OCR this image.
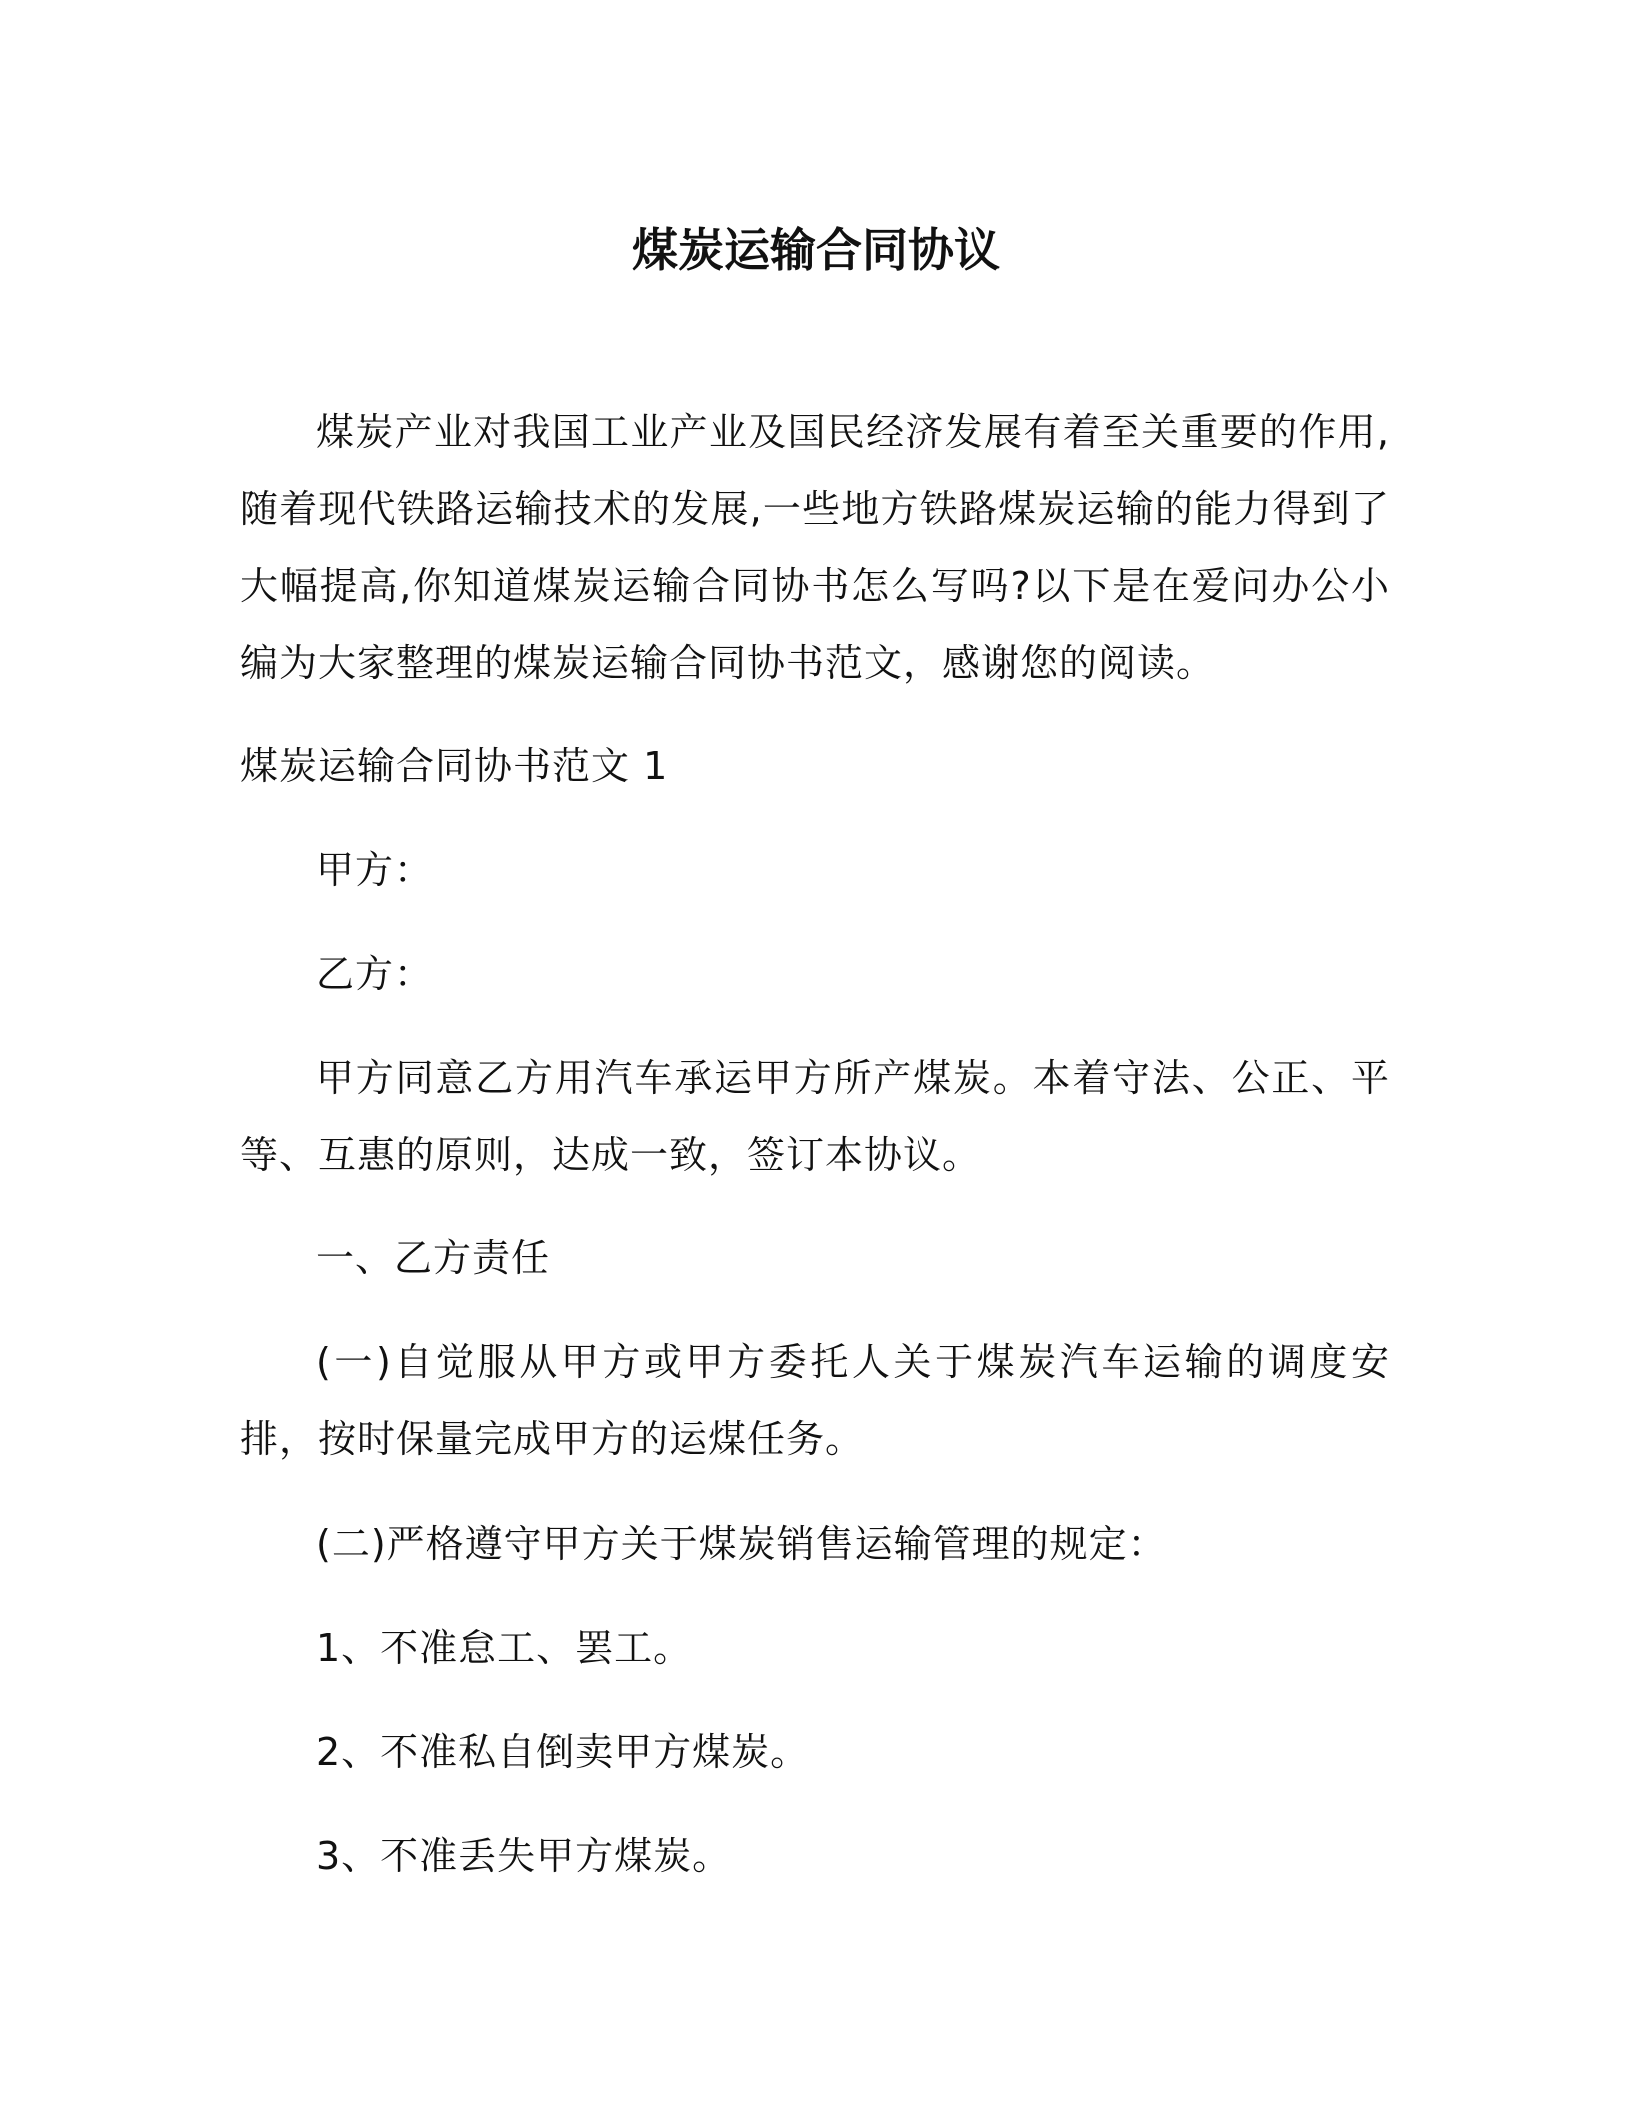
煤炭运输合同协议

煤炭产业对我国工业产业及国民经济发展有着至关重要的作用,随着现代铁路运输技术的发展,一些地方铁路煤炭运输的能力得到了大幅提高,你知道煤炭运输合同协书怎么写吗?以下是在爱问办公小编为大家整理的煤炭运输合同协书范文，感谢您的阅读。

煤炭运输合同协书范文 1
甲方：
乙方：

甲方同意乙方用汽车承运甲方所产煤炭。本着守法、公正、平等、互惠的原则，达成一致，签订本协议。

一、乙方责任

(一)自觉服从甲方或甲方委托人关于煤炭汽车运输的调度安排，按时保量完成甲方的运煤任务。

(二)严格遵守甲方关于煤炭销售运输管理的规定：
1、不准怠工、罢工。
2、不准私自倒卖甲方煤炭。
3、不准丢失甲方煤炭。
